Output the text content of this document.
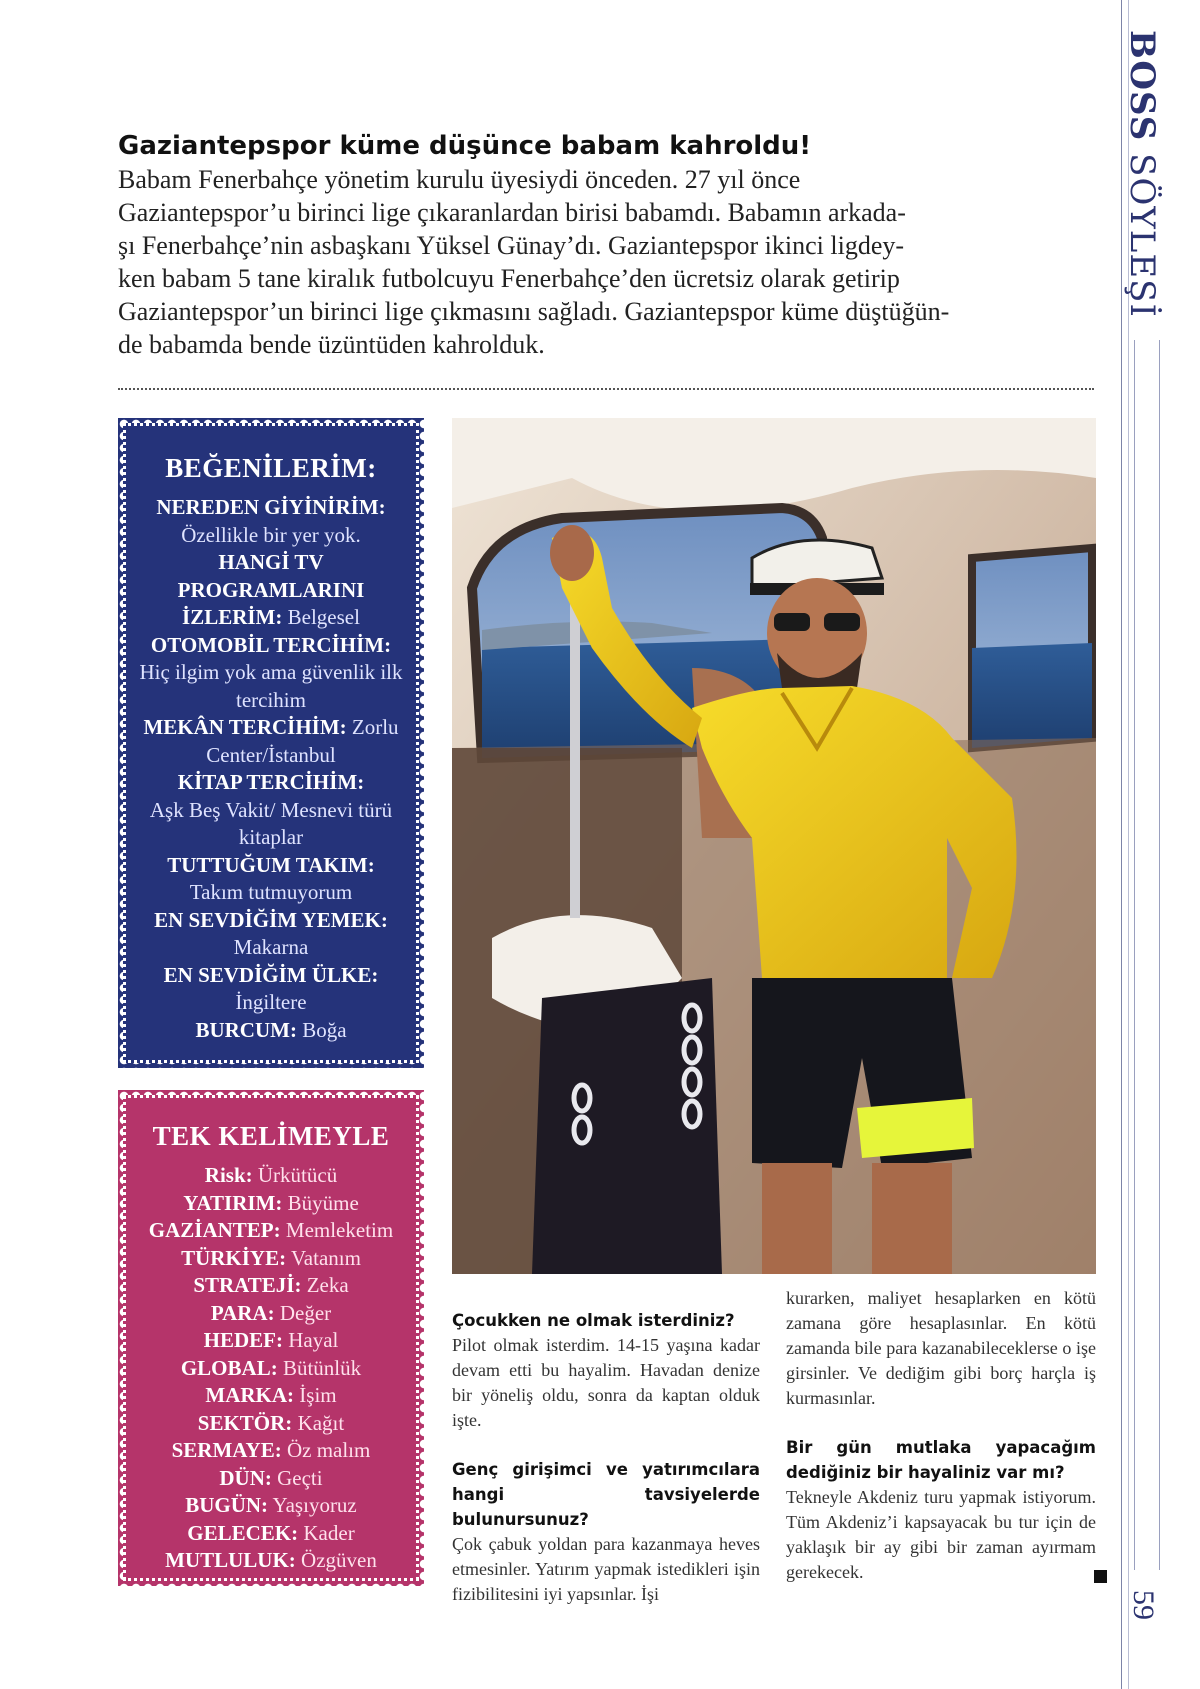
BOSS SÖYLEŞİ
59
Gaziantepspor küme düşünce babam kahroldu!

Babam Fenerbahçe yönetim kurulu üyesiydi önceden. 27 yıl önce
Gaziantepspor’u birinci lige çıkaranlardan birisi babamdı. Babamın arkada-
şı Fenerbahçe’nin asbaşkanı Yüksel Günay’dı. Gaziantepspor ikinci ligdey-
ken babam 5 tane kiralık futbolcuyu Fenerbahçe’den ücretsiz olarak getirip
Gaziantepspor’un birinci lige çıkmasını sağladı. Gaziantepspor küme düştüğün-
de babamda bende üzüntüden kahrolduk.

BEĞENİLERİM:
NEREDEN GİYİNİRİM:
Özellikle bir yer yok.
HANGİ TV PROGRAMLARINI İZLERİM: Belgesel
OTOMOBİL TERCİHİM:
Hiç ilgim yok ama güvenlik ilk tercihim
MEKÂN TERCİHİM: Zorlu Center/İstanbul
KİTAP TERCİHİM:
Aşk Beş Vakit/ Mesnevi türü kitaplar
TUTTUĞUM TAKIM:
Takım tutmuyorum
EN SEVDİĞİM YEMEK:
Makarna
EN SEVDİĞİM ÜLKE:
İngiltere
BURCUM: Boğa
TEK KELİMEYLE
Risk: Ürkütücü
YATIRIM: Büyüme
GAZİANTEP: Memleketim
TÜRKİYE: Vatanım
STRATEJİ: Zeka
PARA: Değer
HEDEF: Hayal
GLOBAL: Bütünlük
MARKA: İşim
SEKTÖR: Kağıt
SERMAYE: Öz malım
DÜN: Geçti
BUGÜN: Yaşıyoruz
GELECEK: Kader
MUTLULUK: Özgüven
Çocukken ne olmak isterdiniz?

Pilot olmak isterdim. 14-15 yaşına kadar devam etti bu hayalim. Havadan denize bir yöneliş oldu, sonra da kaptan olduk işte.

Genç girişimci ve yatırımcılara hangi tavsiyelerde bulunursunuz?

Çok çabuk yoldan para kazanmaya heves etmesinler. Yatırım yapmak istedikleri işin fizibilitesini iyi yapsınlar. İşi

kurarken, maliyet hesaplarken en kötü zamana göre hesaplasınlar. En kötü zamanda bile para kazanabileceklerse o işe girsinler. Ve dediğim gibi borç harçla iş kurmasınlar.

Bir gün mutlaka yapacağım dediğiniz bir hayaliniz var mı?

Tekneyle Akdeniz turu yapmak istiyorum. Tüm Akdeniz’i kapsayacak bu tur için de yaklaşık bir ay gibi bir zaman ayırmam gerekecek.
